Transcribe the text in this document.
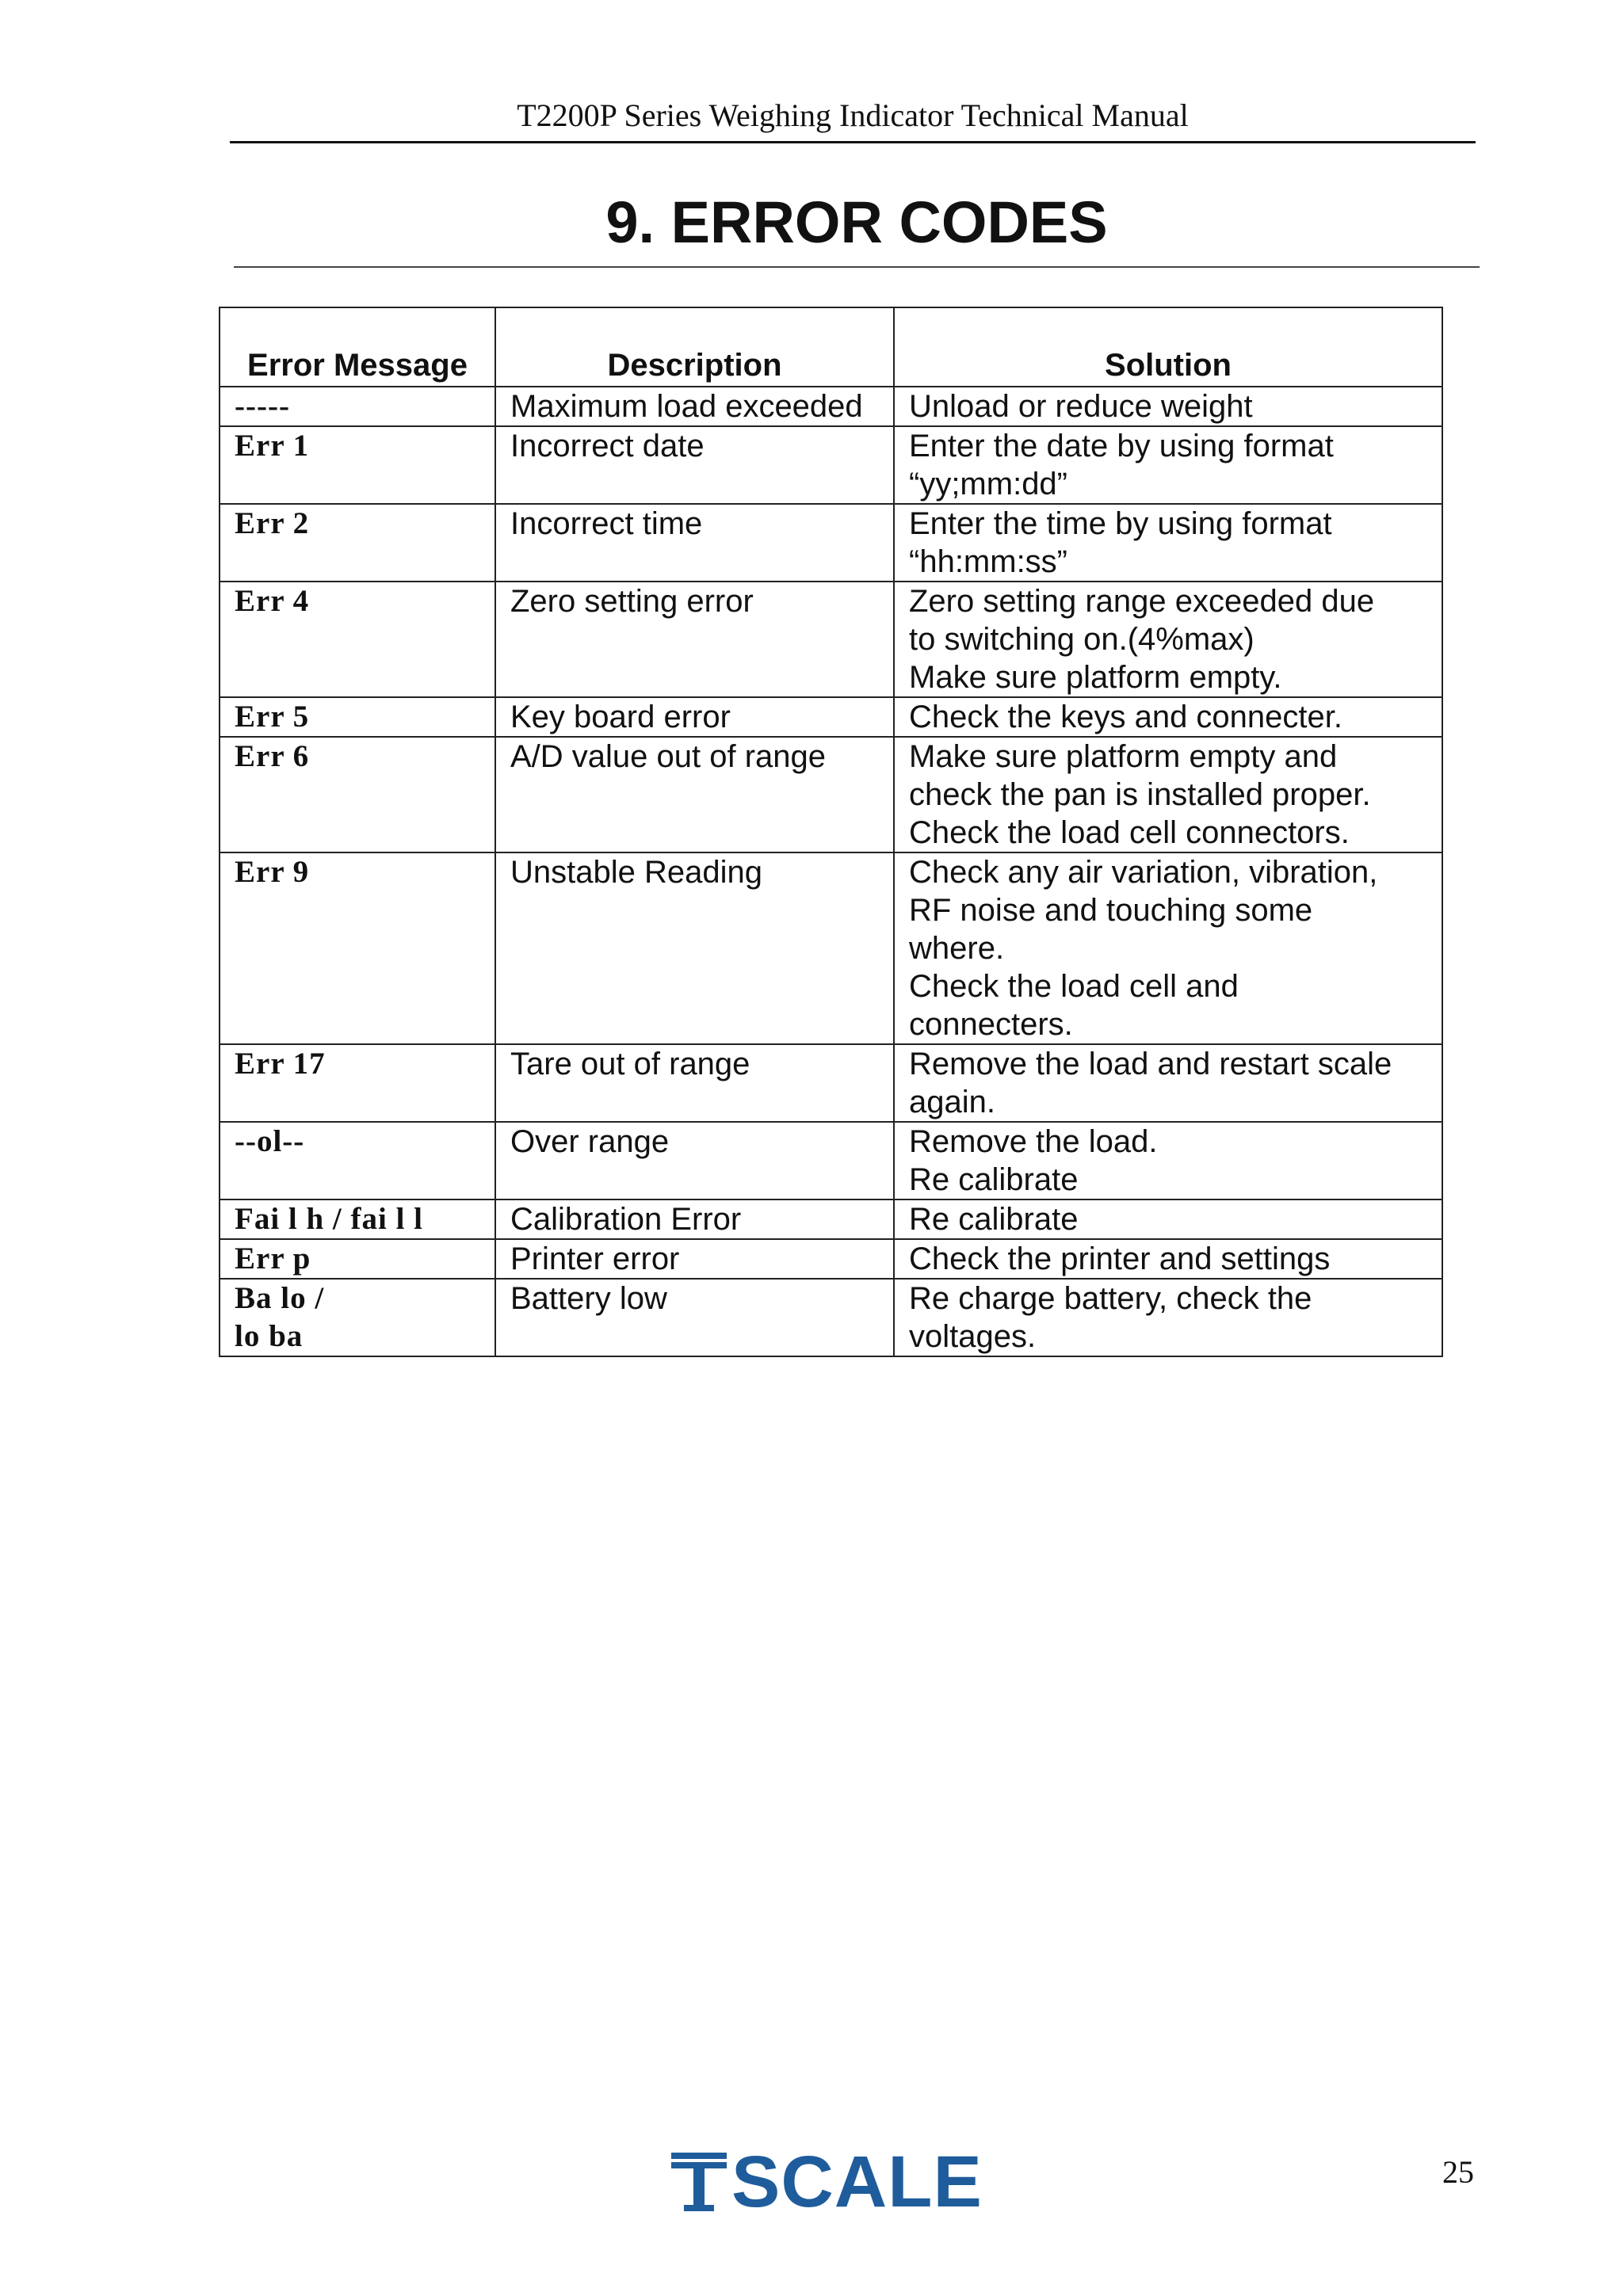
T2200P Series Weighing Indicator Technical Manual
9. ERROR CODES
Error Message	Description	Solution
-----	Maximum load exceeded	Unload or reduce weight
Err 1	Incorrect date	Enter the date by using format
“yy;mm:dd”
Err 2	Incorrect time	Enter the time by using format
“hh:mm:ss”
Err 4	Zero setting error	Zero setting range exceeded due
to switching on.(4%max)
Make sure platform empty.
Err 5	Key board error	Check the keys and connecter.
Err 6	A/D value out of range	Make sure platform empty and
check the pan is installed proper.
Check the load cell connectors.
Err 9	Unstable Reading	Check any air variation, vibration,
RF noise and touching some
where.
Check the load cell and
connecters.

Err 17	Tare out of range	Remove the load and restart scale
again.
--ol--	Over range	Remove the load.
Re calibrate
Fai l h / fai l l	Calibration Error	Re calibrate
Err p	Printer error	Check the printer and settings
Ba lo /
lo ba	Battery low	Re charge battery, check the
voltages.
SCALE	25
